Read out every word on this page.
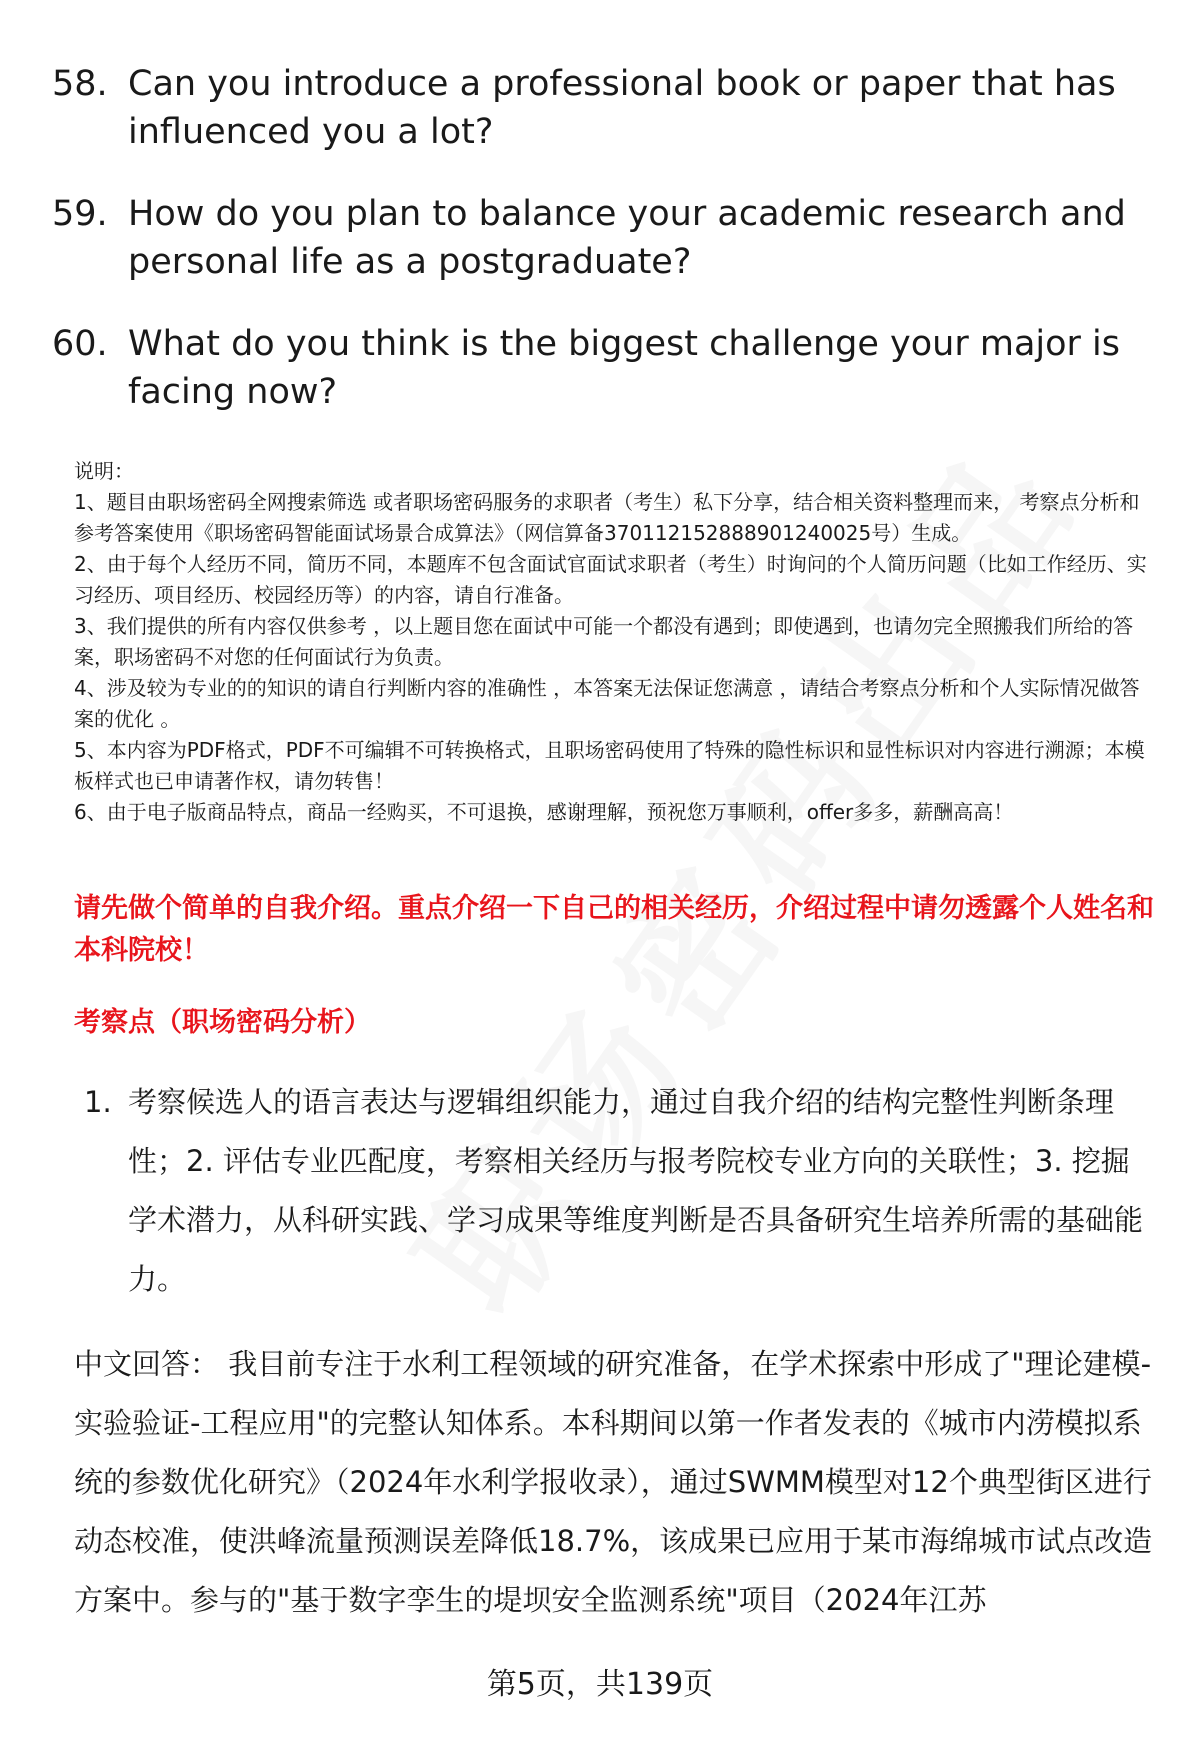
58. Can you introduce a professional book or paper that has influenced you a lot?
59. How do you plan to balance your academic research and personal life as a postgraduate?
60. What do you think is the biggest challenge your major is facing now?

说明：

1、题目由职场密码全网搜索筛选 或者职场密码服务的求职者（考生）私下分享，结合相关资料整理而来， 考察点分析和参考答案使用《职场密码智能面试场景合成算法》（网信算备370112152888901240025号）生成。

2、由于每个人经历不同，简历不同，本题库不包含面试官面试求职者（考生）时询问的个人简历问题（比如工作经历、实习经历、项目经历、校园经历等）的内容，请自行准备。

3、我们提供的所有内容仅供参考 ，以上题目您在面试中可能一个都没有遇到；即使遇到，也请勿完全照搬我们所给的答案，职场密码不对您的任何面试行为负责。

4、涉及较为专业的的知识的请自行判断内容的准确性 ，本答案无法保证您满意 ，请结合考察点分析和个人实际情况做答案的优化 。

5、本内容为PDF格式，PDF不可编辑不可转换格式，且职场密码使用了特殊的隐性标识和显性标识对内容进行溯源；本模板样式也已申请著作权，请勿转售！

6、由于电子版商品特点，商品一经购买，不可退换，感谢理解，预祝您万事顺利，offer多多，薪酬高高！

请先做个简单的自我介绍。重点介绍一下自己的相关经历，介绍过程中请勿透露个人姓名和本科院校！
考察点（职场密码分析）
1. 考察候选人的语言表达与逻辑组织能力，通过自我介绍的结构完整性判断条理性；2. 评估专业匹配度，考察相关经历与报考院校专业方向的关联性；3. 挖掘学术潜力，从科研实践、学习成果等维度判断是否具备研究生培养所需的基础能力。
中文回答： 我目前专注于水利工程领域的研究准备，在学术探索中形成了"理论建模-实验验证-工程应用"的完整认知体系。本科期间以第一作者发表的《城市内涝模拟系统的参数优化研究》（2024年水利学报收录），通过SWMM模型对12个典型街区进行动态校准，使洪峰流量预测误差降低18.7%，该成果已应用于某市海绵城市试点改造方案中。参与的"基于数字孪生的堤坝安全监测系统"项目（2024年江苏
第5页，共139页
